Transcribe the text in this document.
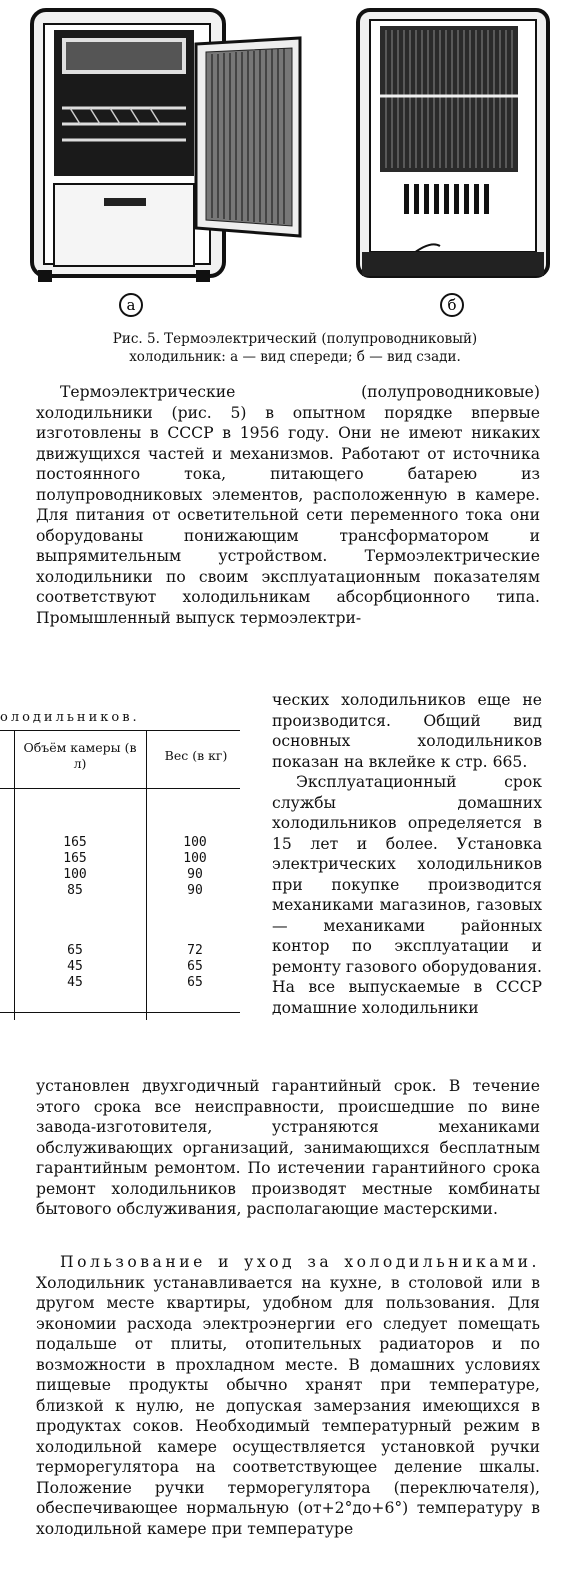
а	б
Рис. 5. Термоэлектрический (полупроводниковый)
холодильник: а — вид спереди; б — вид сзади.
Термоэлектрические (полупроводниковые) холодильники (рис. 5) в опытном порядке впервые изготовлены в СССР в 1956 году. Они не имеют никаких движущихся частей и механизмов. Работают от источника постоянного тока, питающего батарею из полупроводниковых элементов, расположенную в камере. Для питания от осветительной сети переменного тока они оборудованы понижающим трансформатором и выпрямительным устройством. Термоэлектрические холодильники по своим эксплуатационным показателям соответствуют холодильникам абсорбционного типа. Промышленный выпуск термоэлектри-
олодильников.
Объём камеры (в л)
Вес (в кг)
165
165
100
85
100
100
90
90
65
45
45
72
65
65
ческих холодильников еще не производится. Общий вид основных холодильников показан на вклейке к стр. 665.
Эксплуатационный срок службы домашних холодильников определяется в 15 лет и более. Установка электрических холодильников при покупке производится механиками магазинов, газовых — механиками районных контор по эксплуатации и ремонту газового оборудования. На все выпускаемые в СССР домашние холодильники
установлен двухгодичный гарантийный срок. В течение этого срока все неисправности, происшедшие по вине завода-изготовителя, устраняются механиками обслуживающих организаций, занимающихся бесплатным гарантийным ремонтом. По истечении гарантийного срока ремонт холодильников производят местные комбинаты бытового обслуживания, располагающие мастерскими.
Пользование и уход за холодильниками. Холодильник устанавливается на кухне, в столовой или в другом месте квартиры, удобном для пользования. Для экономии расхода электроэнергии его следует помещать подальше от плиты, отопительных радиаторов и по возможности в прохладном месте. В домашних условиях пищевые продукты обычно хранят при температуре, близкой к нулю, не допуская замерзания имеющихся в продуктах соков. Необходимый температурный режим в холодильной камере осуществляется установкой ручки терморегулятора на соответствующее деление шкалы. Положение ручки терморегулятора (переключателя), обеспечивающее нормальную (от+2°до+6°) температуру в холодильной камере при температуре
